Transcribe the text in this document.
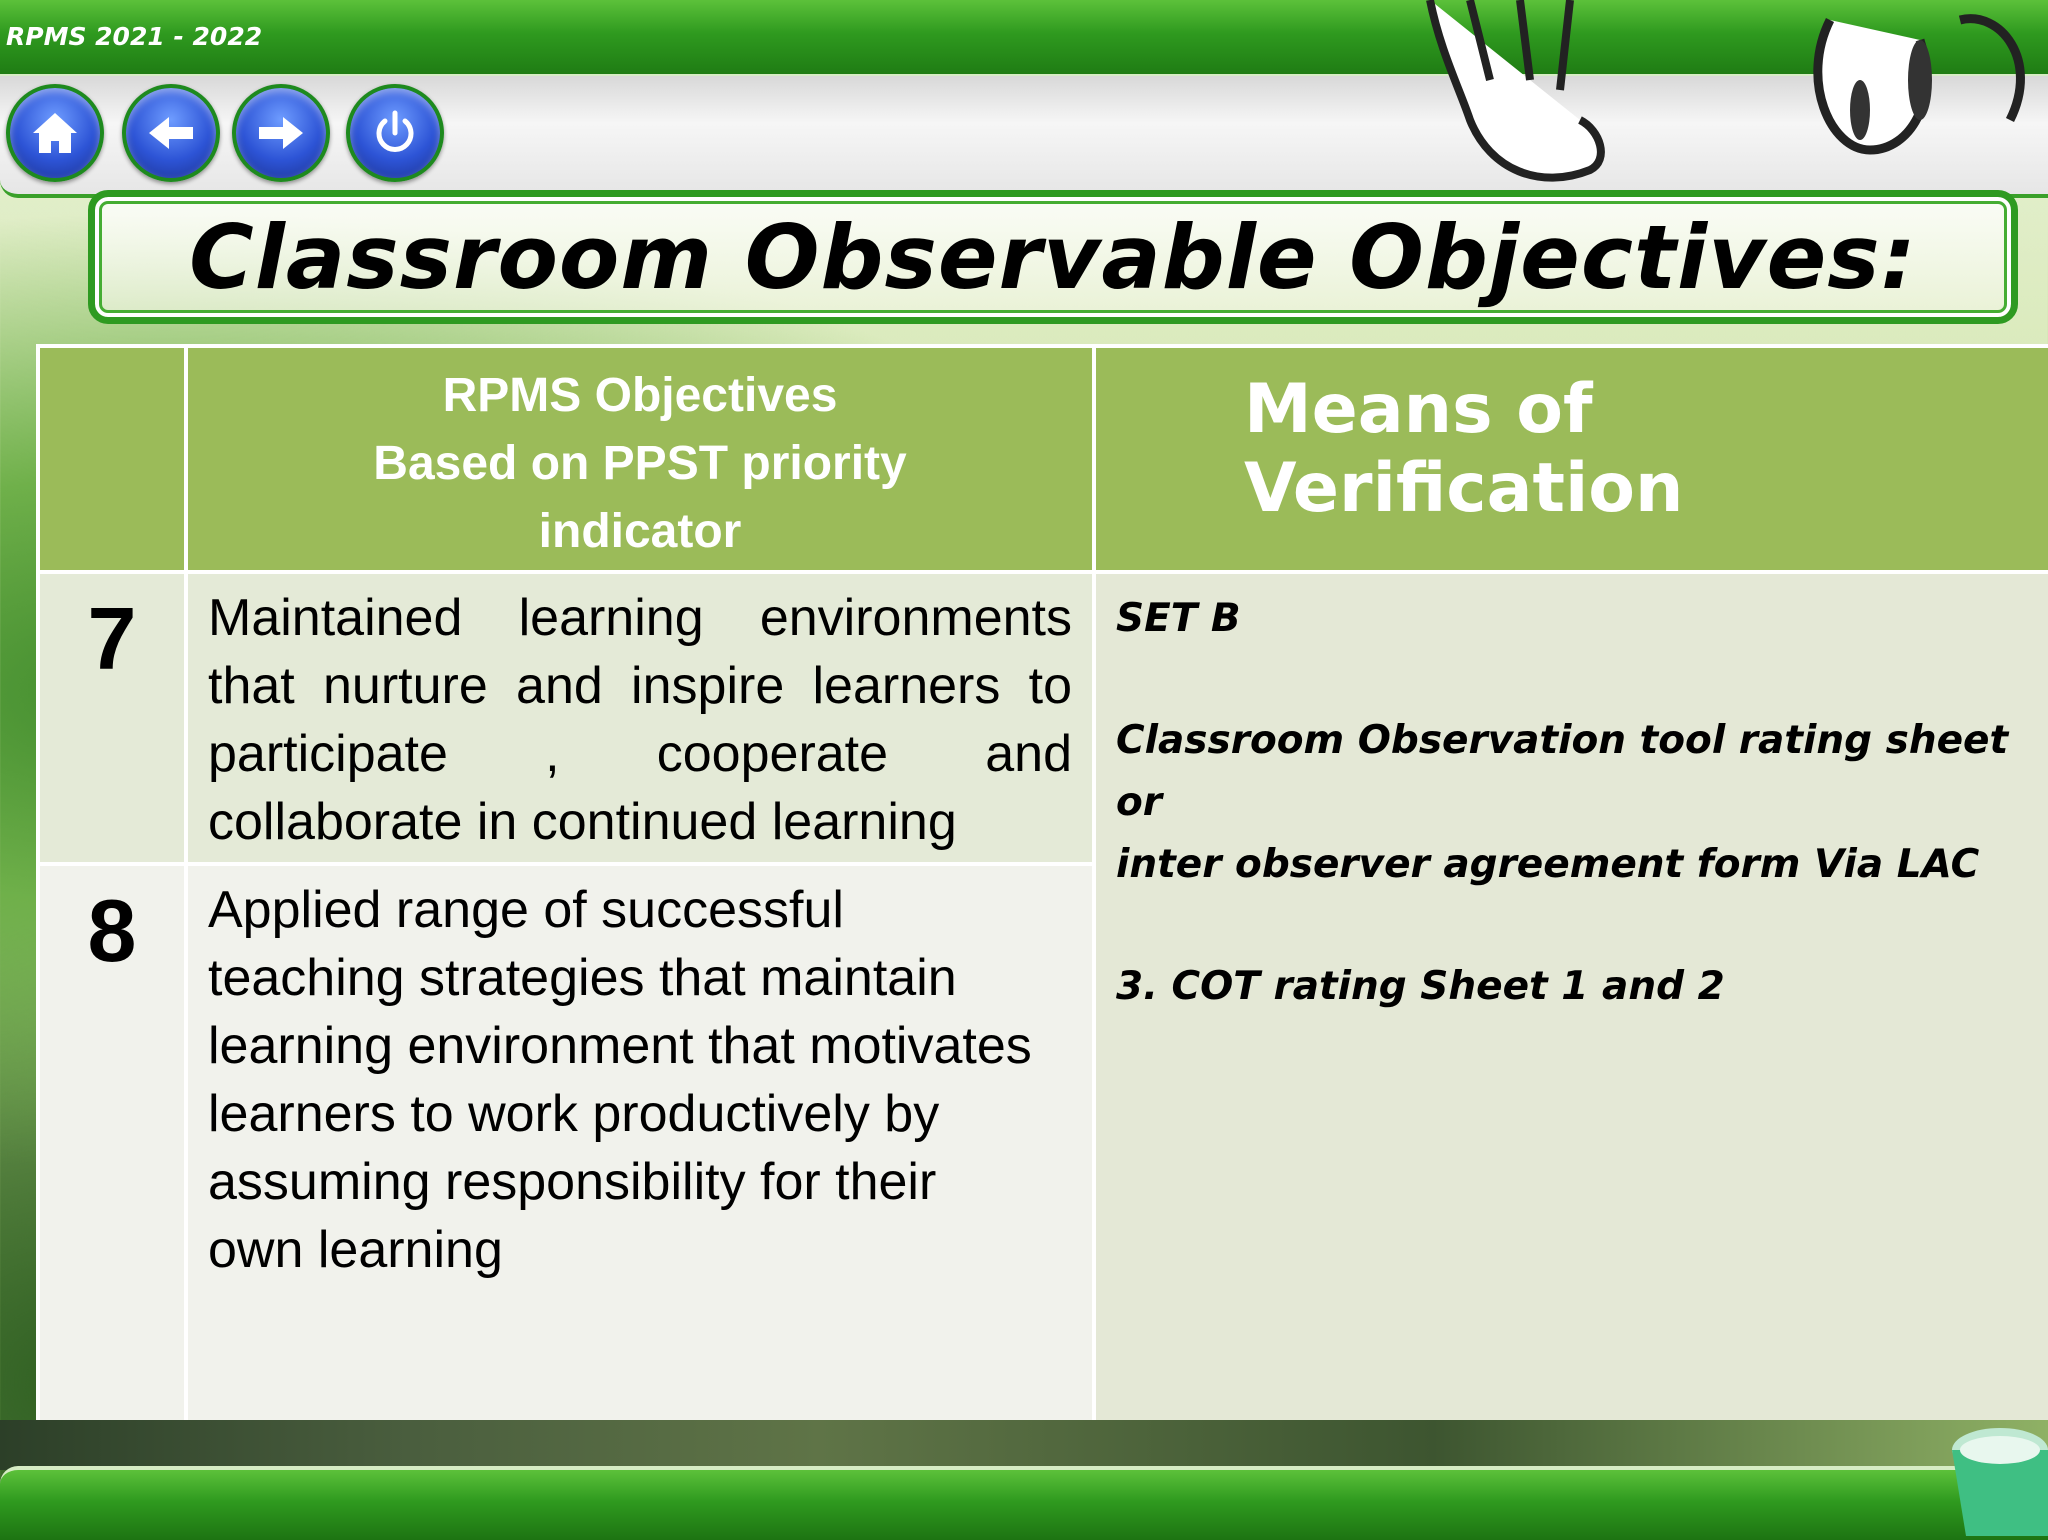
RPMS 2021 - 2022
Classroom Observable Objectives:
RPMS Objectives
Based on PPST priority
indicator
Means of Verification
7	Maintained learning environments that nurture and inspire learners to participate , cooperate and collaborate in continued learning
8	Applied range of successful teaching strategies that maintain learning environment that motivates learners to work productively by assuming responsibility for their own learning
SET B
Classroom Observation tool rating sheet or
inter observer agreement form Via LAC
3. COT rating Sheet 1 and 2
